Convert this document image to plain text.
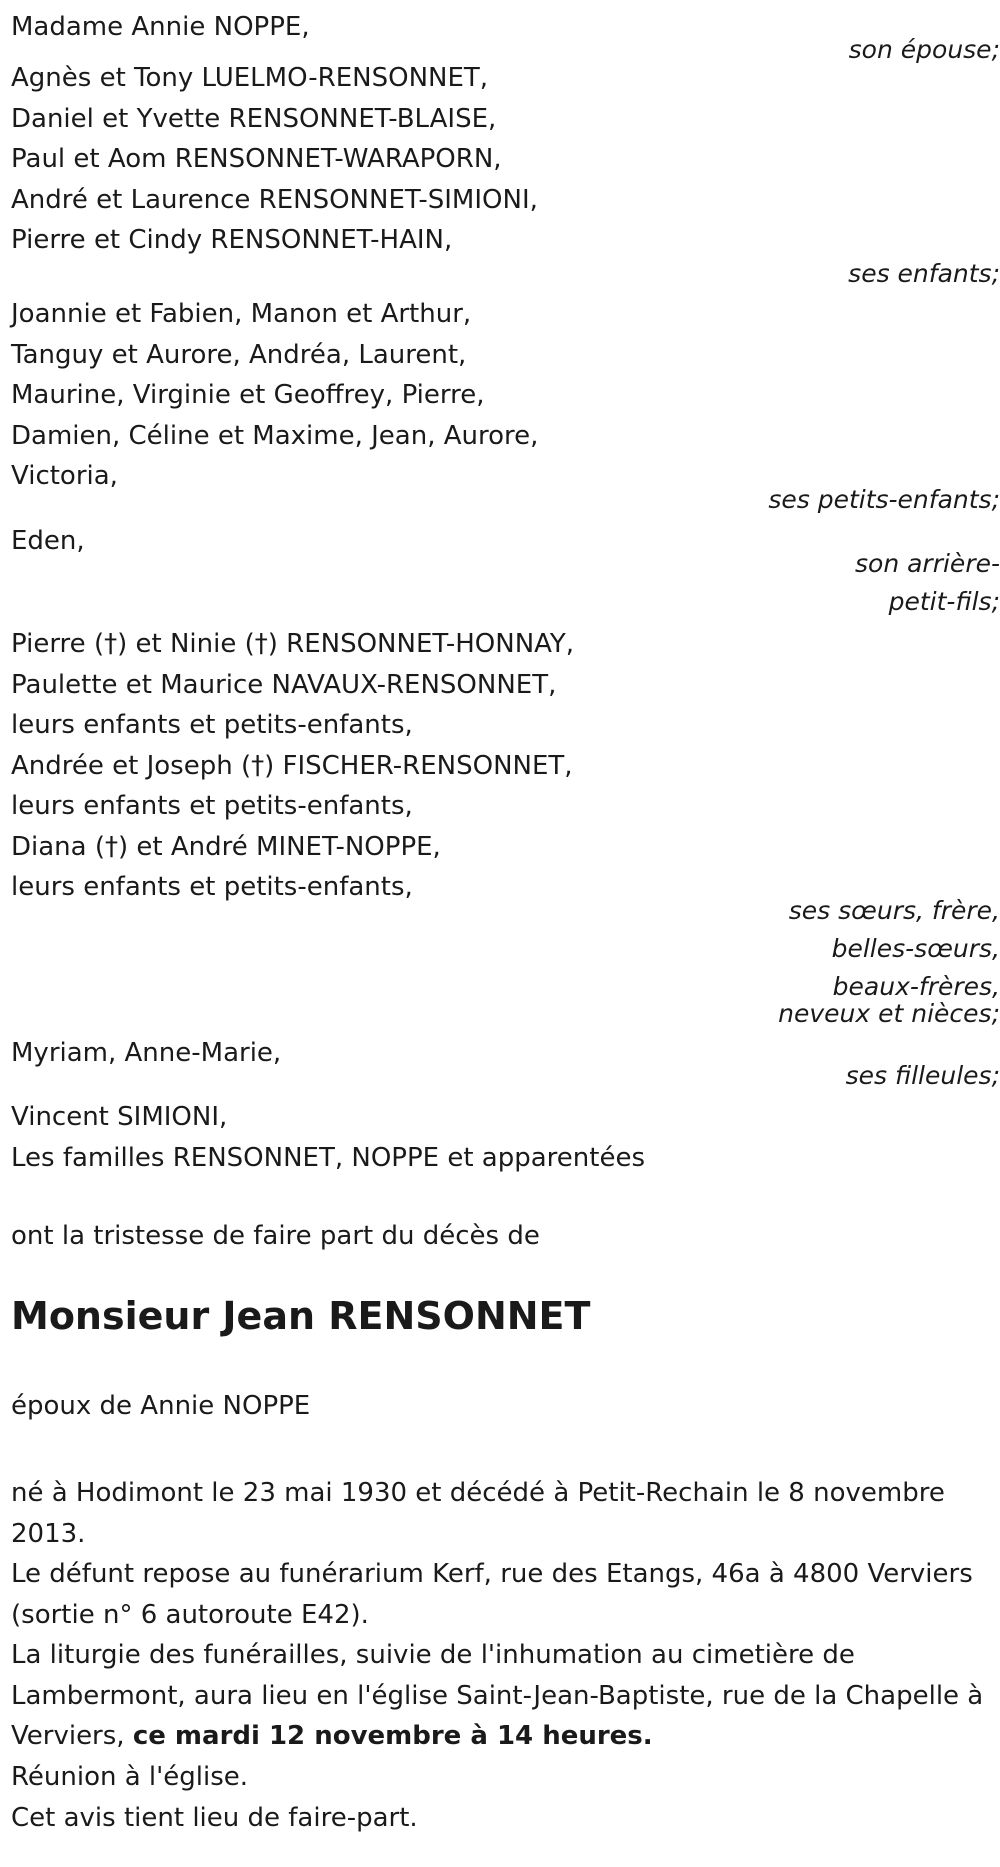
Madame Annie NOPPE,
son épouse;
Agnès et Tony LUELMO-RENSONNET,
Daniel et Yvette RENSONNET-BLAISE,
Paul et Aom RENSONNET-WARAPORN,
André et Laurence RENSONNET-SIMIONI,
Pierre et Cindy RENSONNET-HAIN,
ses enfants;
Joannie et Fabien, Manon et Arthur,
Tanguy et Aurore, Andréa, Laurent,
Maurine, Virginie et Geoffrey, Pierre,
Damien, Céline et Maxime, Jean, Aurore,
Victoria,
ses petits-enfants;
Eden,
son arrière-
petit-fils;
Pierre (†) et Ninie (†) RENSONNET-HONNAY,
Paulette et Maurice NAVAUX-RENSONNET,
leurs enfants et petits-enfants,
Andrée et Joseph (†) FISCHER-RENSONNET,
leurs enfants et petits-enfants,
Diana (†) et André MINET-NOPPE,
leurs enfants et petits-enfants,
ses sœurs, frère,
belles-sœurs,
beaux-frères,
neveux et nièces;
Myriam, Anne-Marie,
ses filleules;
Vincent SIMIONI,
Les familles RENSONNET, NOPPE et apparentées
ont la tristesse de faire part du décès de
Monsieur Jean RENSONNET
époux de Annie NOPPE
né à Hodimont le 23 mai 1930 et décédé à Petit-Rechain le 8 novembre 2013.
Le défunt repose au funérarium Kerf, rue des Etangs, 46a à 4800 Verviers (sortie n° 6 autoroute E42).
La liturgie des funérailles, suivie de l'inhumation au cimetière de Lambermont, aura lieu en l'église Saint-Jean-Baptiste, rue de la Chapelle à Verviers, ce mardi 12 novembre à 14 heures.
Réunion à l'église.
Cet avis tient lieu de faire-part.
